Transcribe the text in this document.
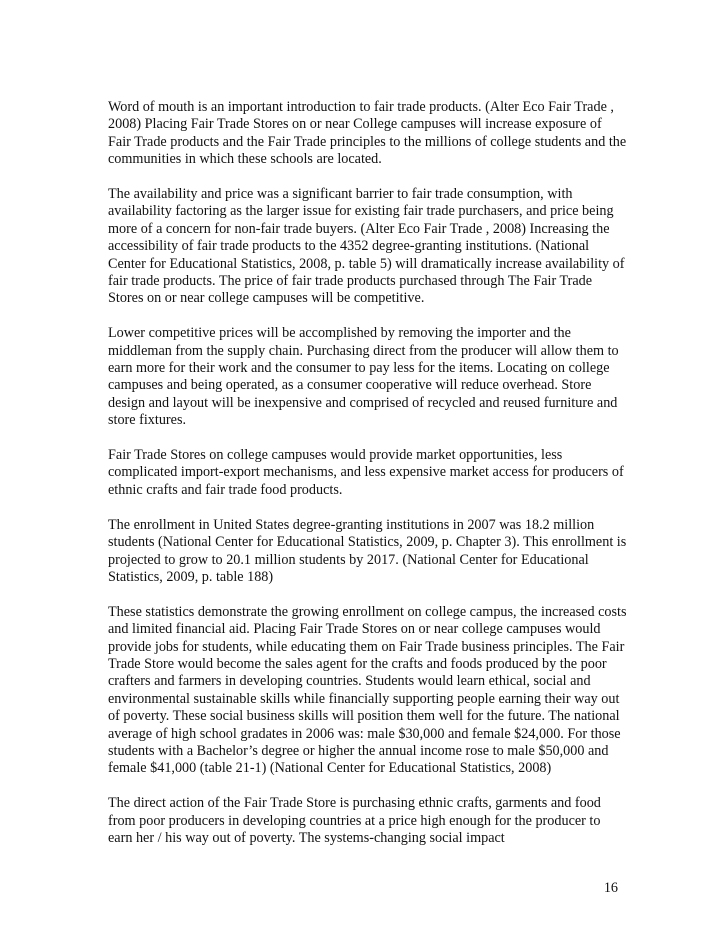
Word of mouth is an important introduction to fair trade products. (Alter Eco Fair Trade , 2008) Placing Fair Trade Stores on or near College campuses will increase exposure of Fair Trade products and the Fair Trade principles to the millions of college students and the communities in which these schools are located.

The availability and price was a significant barrier to fair trade consumption, with availability factoring as the larger issue for existing fair trade purchasers, and price being more of a concern for non-fair trade buyers. (Alter Eco Fair Trade , 2008) Increasing the accessibility of fair trade products to the 4352 degree-granting institutions. (National Center for Educational Statistics, 2008, p. table 5) will dramatically increase availability of fair trade products. The price of fair trade products purchased through The Fair Trade Stores on or near college campuses will be competitive.

Lower competitive prices will be accomplished by removing the importer and the middleman from the supply chain. Purchasing direct from the producer will allow them to earn more for their work and the consumer to pay less for the items. Locating on college campuses and being operated, as a consumer cooperative will reduce overhead. Store design and layout will be inexpensive and comprised of recycled and reused furniture and store fixtures.

Fair Trade Stores on college campuses would provide market opportunities, less complicated import-export mechanisms, and less expensive market access for producers of ethnic crafts and fair trade food products.

The enrollment in United States degree-granting institutions in 2007 was 18.2 million students (National Center for Educational Statistics, 2009, p. Chapter 3). This enrollment is projected to grow to 20.1 million students by 2017. (National Center for Educational Statistics, 2009, p. table 188)

These statistics demonstrate the growing enrollment on college campus, the increased costs and limited financial aid. Placing Fair Trade Stores on or near college campuses would provide jobs for students, while educating them on Fair Trade business principles. The Fair Trade Store would become the sales agent for the crafts and foods produced by the poor crafters and farmers in developing countries. Students would learn ethical, social and environmental sustainable skills while financially supporting people earning their way out of poverty. These social business skills will position them well for the future. The national average of high school gradates in 2006 was: male $30,000 and female $24,000. For those students with a Bachelor’s degree or higher the annual income rose to male $50,000 and female $41,000 (table 21-1) (National Center for Educational Statistics, 2008)

The direct action of the Fair Trade Store is purchasing ethnic crafts, garments and food from poor producers in developing countries at a price high enough for the producer to earn her / his way out of poverty. The systems-changing social impact

16
